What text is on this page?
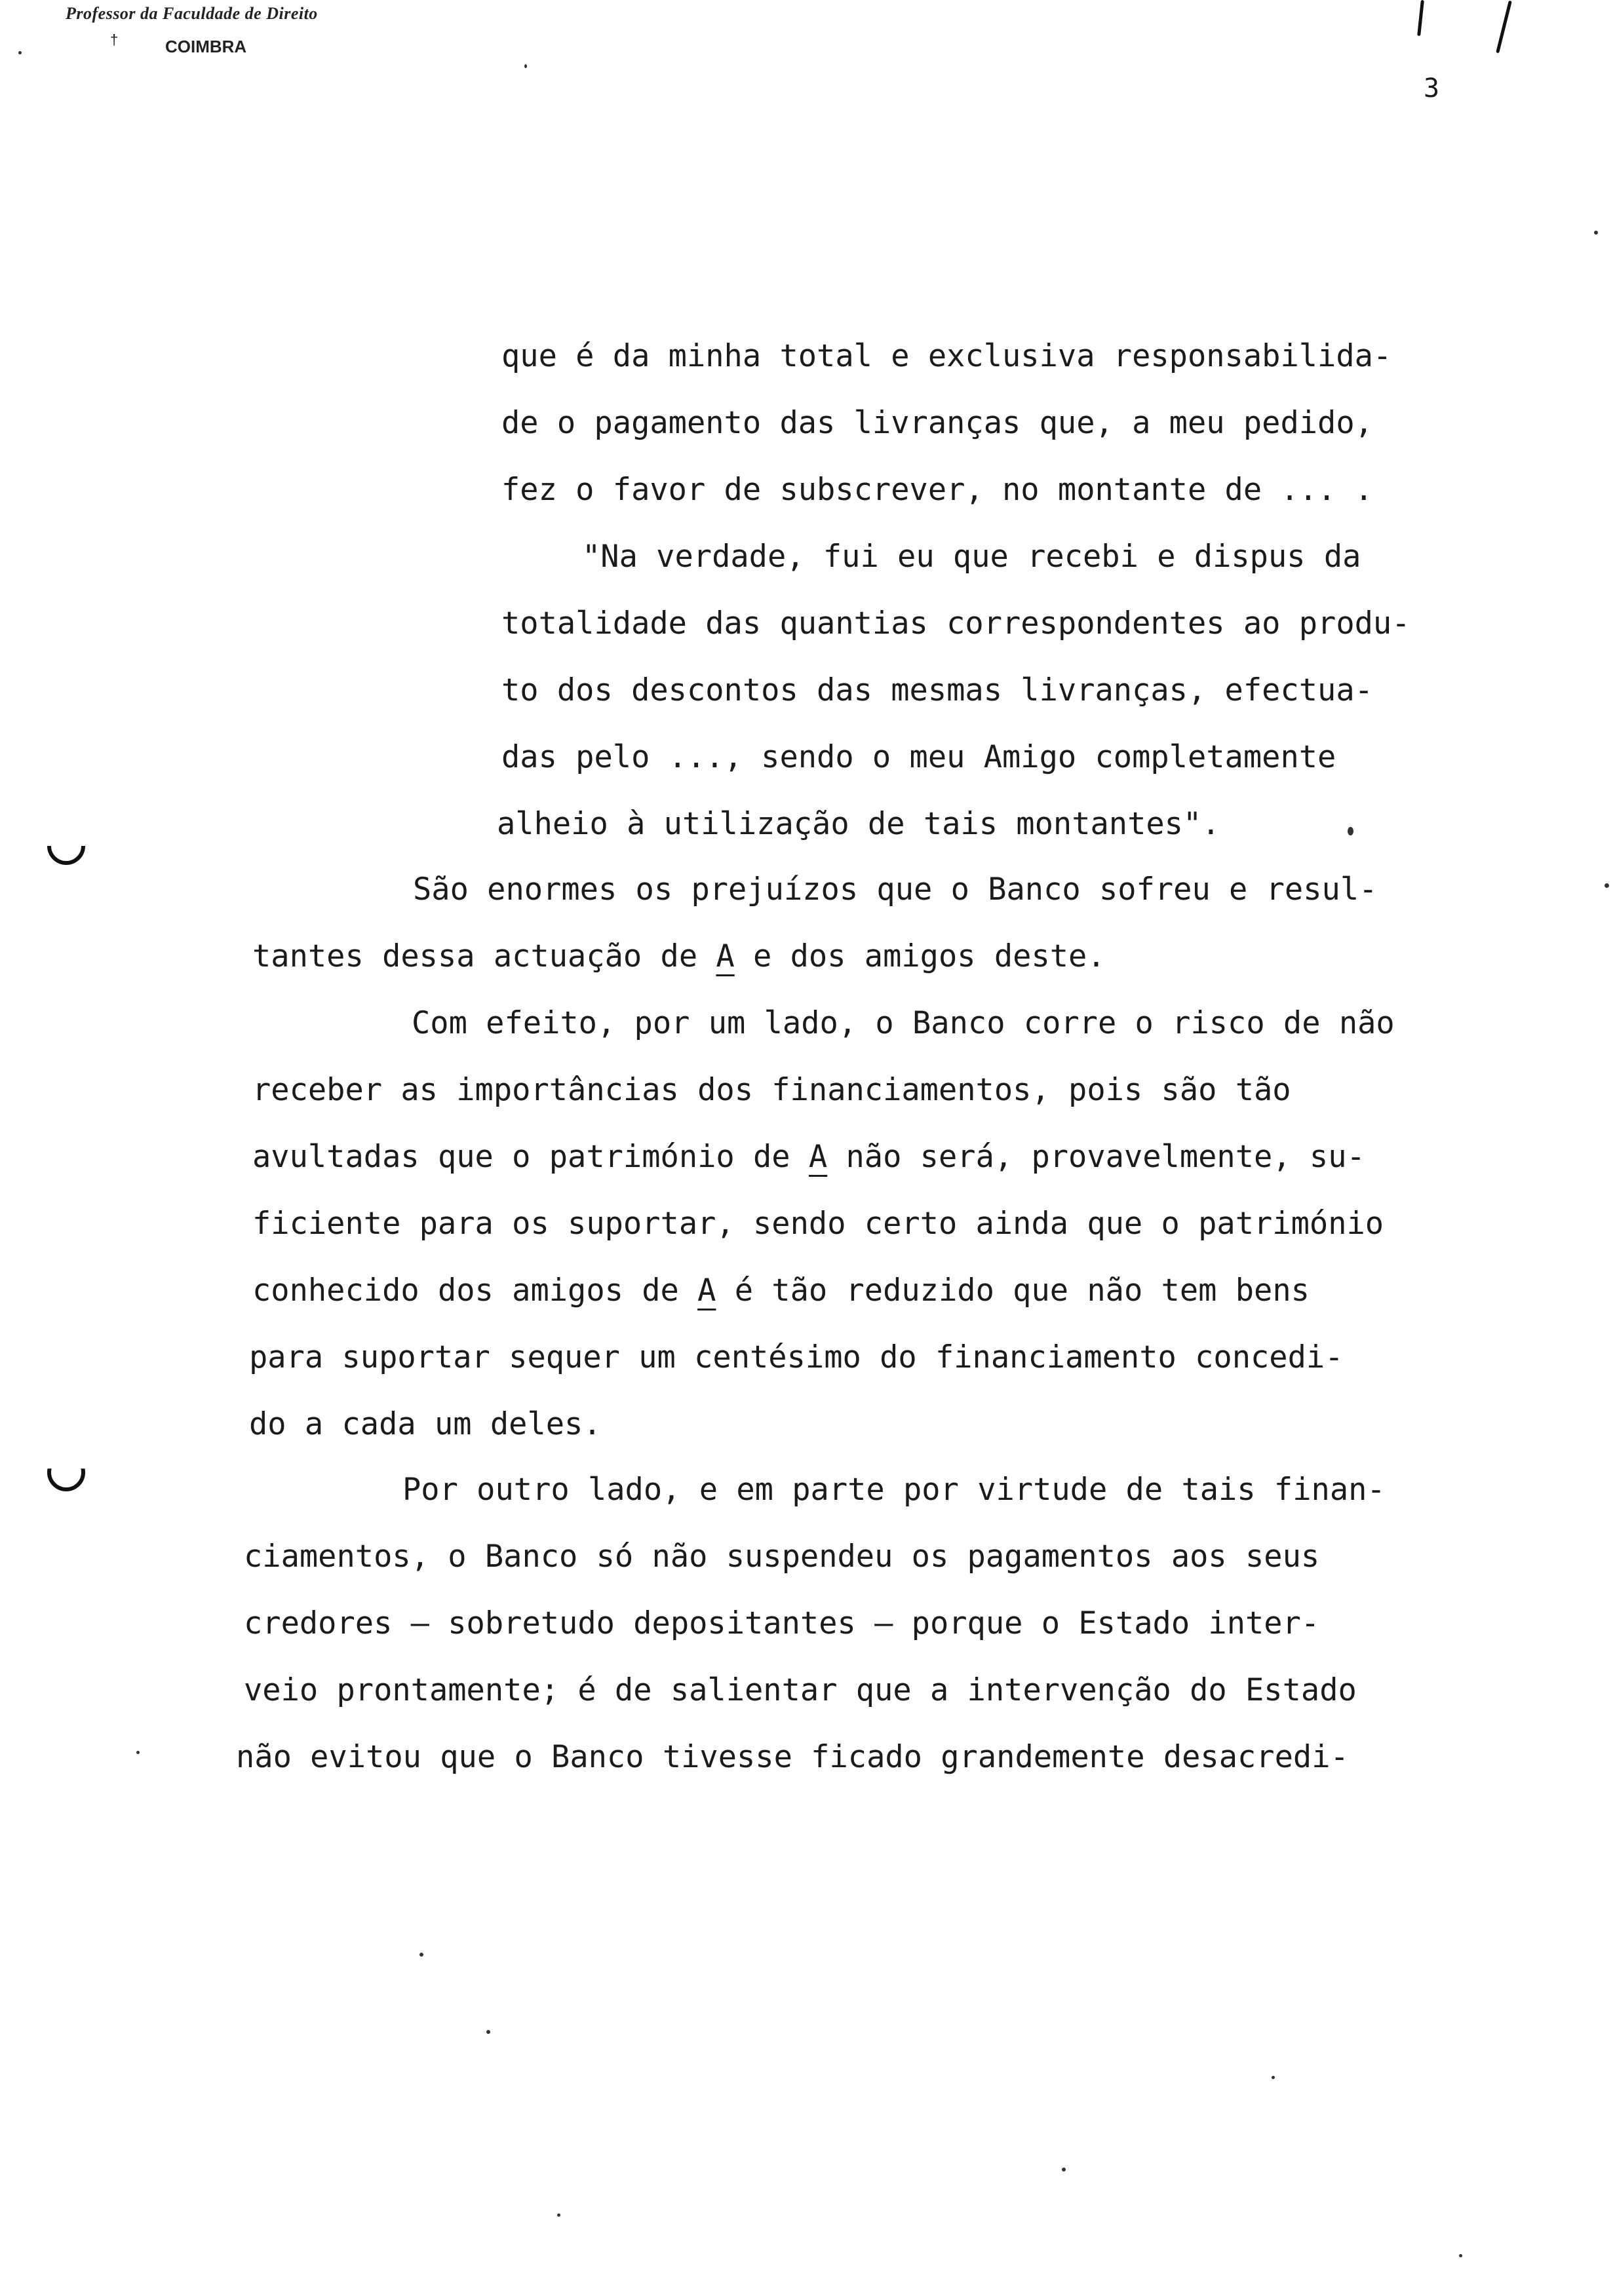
Professor da Faculdade de Direito
COIMBRA
†
3
que é da minha total e exclusiva responsabilida-
de o pagamento das livranças que, a meu pedido,
fez o favor de subscrever, no montante de ... .
"Na verdade, fui eu que recebi e dispus da
totalidade das quantias correspondentes ao produ-
to dos descontos das mesmas livranças, efectua-
das pelo ..., sendo o meu Amigo completamente
alheio à utilização de tais montantes".
São enormes os prejuízos que o Banco sofreu e resul-
tantes dessa actuação de A e dos amigos deste.
Com efeito, por um lado, o Banco corre o risco de não
receber as importâncias dos financiamentos, pois são tão
avultadas que o património de A não será, provavelmente, su-
ficiente para os suportar, sendo certo ainda que o património
conhecido dos amigos de A é tão reduzido que não tem bens
para suportar sequer um centésimo do financiamento concedi-
do a cada um deles.
Por outro lado, e em parte por virtude de tais finan-
ciamentos, o Banco só não suspendeu os pagamentos aos seus
credores — sobretudo depositantes — porque o Estado inter-
veio prontamente; é de salientar que a intervenção do Estado
não evitou que o Banco tivesse ficado grandemente desacredi-
